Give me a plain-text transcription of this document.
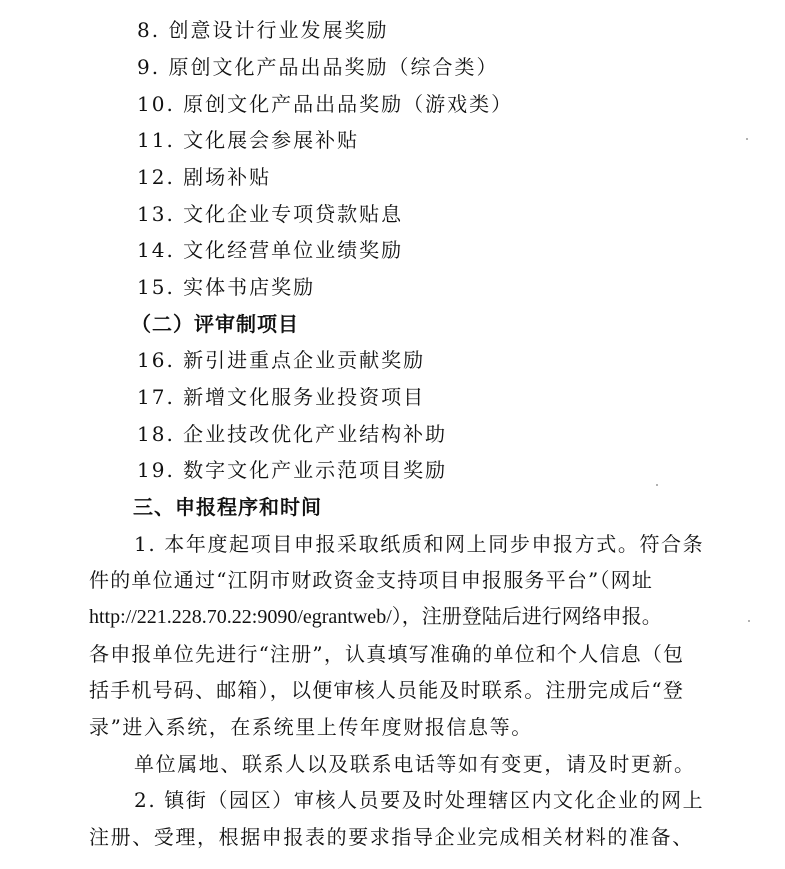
8. 创意设计行业发展奖励
9. 原创文化产品出品奖励（综合类）
10. 原创文化产品出品奖励（游戏类）
11. 文化展会参展补贴
12. 剧场补贴
13. 文化企业专项贷款贴息
14. 文化经营单位业绩奖励
15. 实体书店奖励
（二）评审制项目
16. 新引进重点企业贡献奖励
17. 新增文化服务业投资项目
18. 企业技改优化产业结构补助
19. 数字文化产业示范项目奖励
三、申报程序和时间
1. 本年度起项目申报采取纸质和网上同步申报方式。符合条
件的单位通过“江阴市财政资金支持项目申报服务平台”（网址
http://221.228.70.22:9090/egrantweb/），注册登陆后进行网络申报。
各申报单位先进行“注册”，认真填写准确的单位和个人信息（包
括手机号码、邮箱），以便审核人员能及时联系。注册完成后“登
录”进入系统，在系统里上传年度财报信息等。
单位属地、联系人以及联系电话等如有变更，请及时更新。
2. 镇街（园区）审核人员要及时处理辖区内文化企业的网上
注册、受理，根据申报表的要求指导企业完成相关材料的准备、
